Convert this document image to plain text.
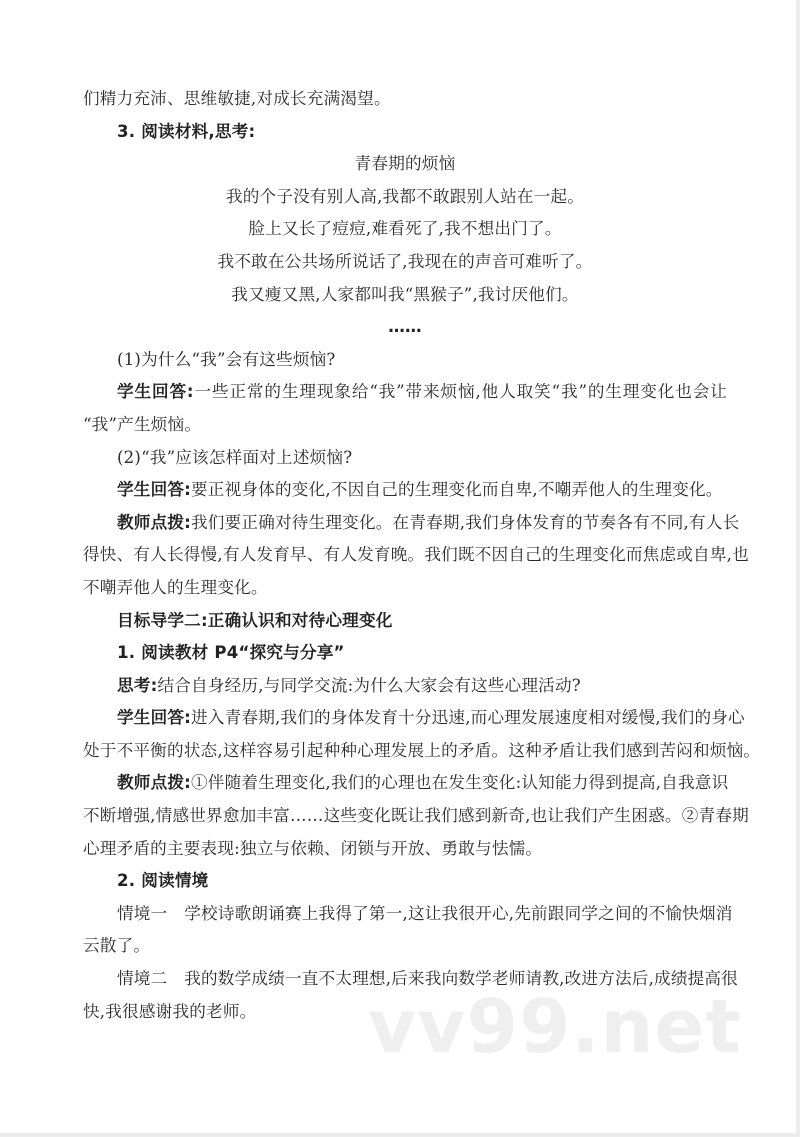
们精力充沛、思维敏捷,对成长充满渴望。
3. 阅读材料,思考:
青春期的烦恼
我的个子没有别人高,我都不敢跟别人站在一起。
脸上又长了痘痘,难看死了,我不想出门了。
我不敢在公共场所说话了,我现在的声音可难听了。
我又瘦又黑,人家都叫我“黑猴子”,我讨厌他们。
……
(1)为什么“我”会有这些烦恼?
学生回答:一些正常的生理现象给“我”带来烦恼,他人取笑“我”的生理变化也会让
“我”产生烦恼。
(2)“我”应该怎样面对上述烦恼?
学生回答:要正视身体的变化,不因自己的生理变化而自卑,不嘲弄他人的生理变化。
教师点拨:我们要正确对待生理变化。在青春期,我们身体发育的节奏各有不同,有人长
得快、有人长得慢,有人发育早、有人发育晚。我们既不因自己的生理变化而焦虑或自卑,也
不嘲弄他人的生理变化。
目标导学二:正确认识和对待心理变化
1. 阅读教材 P4“探究与分享”
思考:结合自身经历,与同学交流:为什么大家会有这些心理活动?
学生回答:进入青春期,我们的身体发育十分迅速,而心理发展速度相对缓慢,我们的身心
处于不平衡的状态,这样容易引起种种心理发展上的矛盾。这种矛盾让我们感到苦闷和烦恼。
教师点拨:①伴随着生理变化,我们的心理也在发生变化:认知能力得到提高,自我意识
不断增强,情感世界愈加丰富……这些变化既让我们感到新奇,也让我们产生困惑。②青春期
心理矛盾的主要表现:独立与依赖、闭锁与开放、勇敢与怯懦。
2. 阅读情境
情境一　 学校诗歌朗诵赛上我得了第一,这让我很开心,先前跟同学之间的不愉快烟消
云散了。
情境二　 我的数学成绩一直不太理想,后来我向数学老师请教,改进方法后,成绩提高很
快,我很感谢我的老师。	vv99.net
